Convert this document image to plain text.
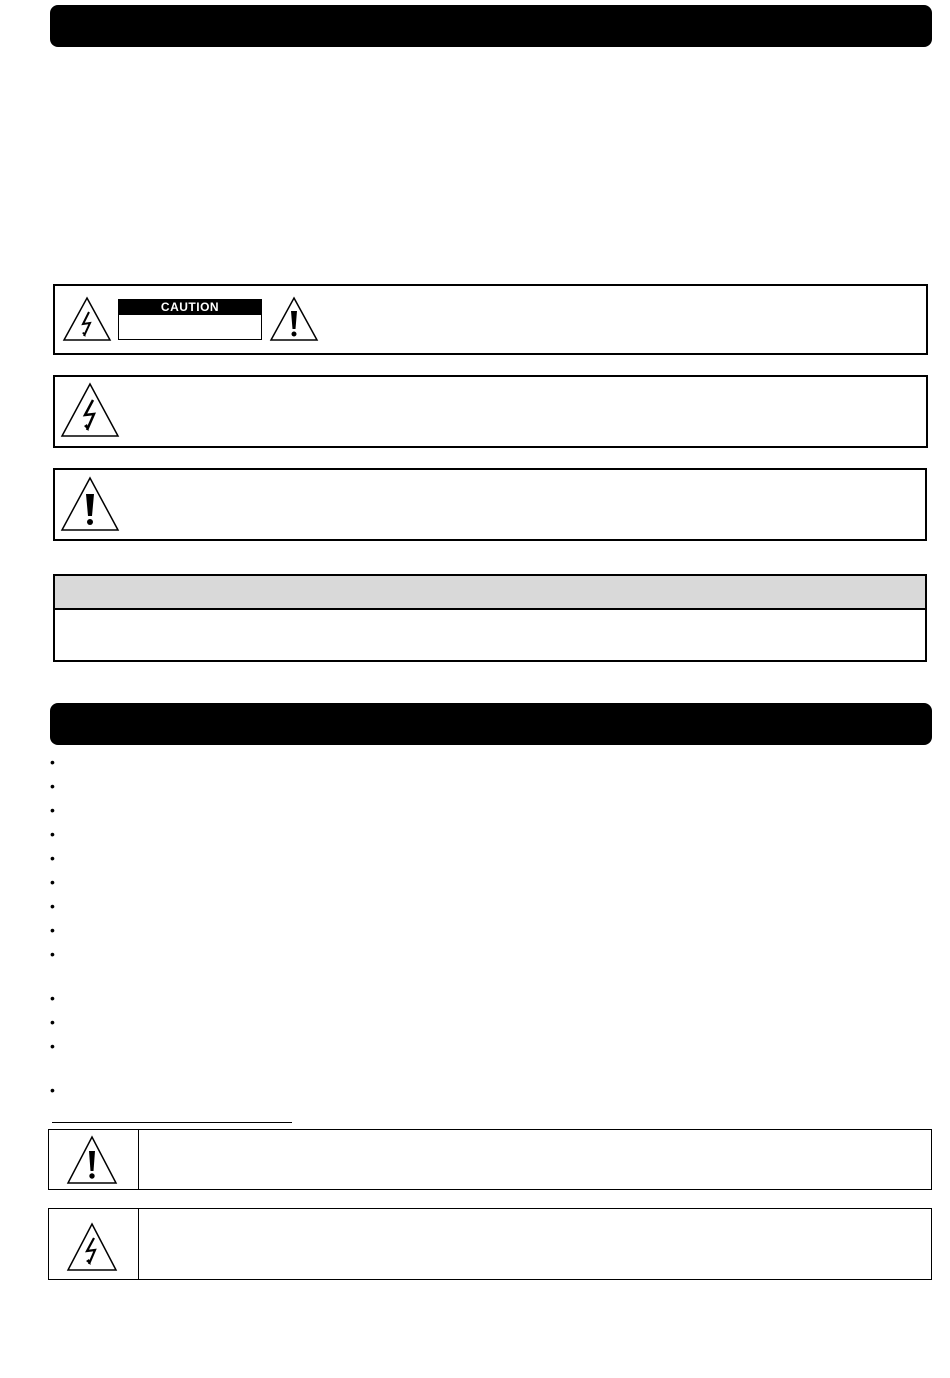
CAUTION
•
•
•
•
•
•
•
•
•
•
•
•
•
